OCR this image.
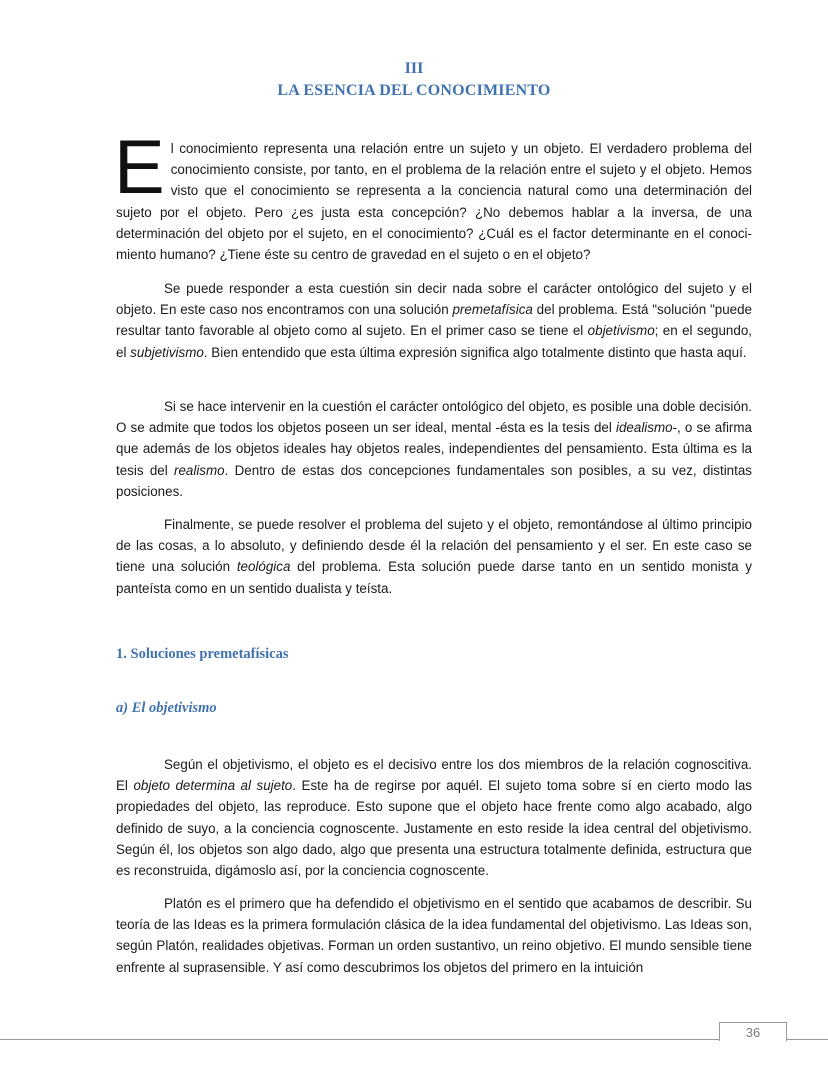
III
LA ESENCIA DEL CONOCIMIENTO
E l conocimiento representa una relación entre un sujeto y un objeto. El verdadero problema del conocimiento consiste, por tanto, en el problema de la relación entre el sujeto y el objeto. Hemos visto que el conocimiento se representa a la conciencia natural como una determinación del sujeto por el objeto. Pero ¿es justa esta concepción? ¿No debemos hablar a la inversa, de una determinación del objeto por el sujeto, en el conocimiento? ¿Cuál es el factor determinante en el conocimiento humano? ¿Tiene éste su centro de gravedad en el sujeto o en el objeto?

Se puede responder a esta cuestión sin decir nada sobre el carácter ontológico del sujeto y el objeto. En este caso nos encontramos con una solución premetafísica del problema. Está "solución "puede resultar tanto favorable al objeto como al sujeto. En el primer caso se tiene el objetivismo; en el segundo, el subjetivismo. Bien entendido que esta última expresión significa algo totalmente distinto que hasta aquí.

Si se hace intervenir en la cuestión el carácter ontológico del objeto, es posible una doble decisión. O se admite que todos los objetos poseen un ser ideal, mental -ésta es la tesis del idealismo-, o se afirma que además de los objetos ideales hay objetos reales, independientes del pensamiento. Esta última es la tesis del realismo. Dentro de estas dos concepciones fundamentales son posibles, a su vez, distintas posiciones.

Finalmente, se puede resolver el problema del sujeto y el objeto, remontándose al último principio de las cosas, a lo absoluto, y definiendo desde él la relación del pensamiento y el ser. En este caso se tiene una solución teológica del problema. Esta solución puede darse tanto en un sentido monista y panteísta como en un sentido dualista y teísta.

1. Soluciones premetafísicas
a) El objetivismo

Según el objetivismo, el objeto es el decisivo entre los dos miembros de la relación cognoscitiva. El objeto determina al sujeto. Este ha de regirse por aquél. El sujeto toma sobre sí en cierto modo las propiedades del objeto, las reproduce. Esto supone que el objeto hace frente como algo acabado, algo definido de suyo, a la conciencia cognoscente. Justamente en esto reside la idea central del objetivismo. Según él, los objetos son algo dado, algo que presenta una estructura totalmente definida, estructura que es reconstruida, digámoslo así, por la conciencia cognoscente.

Platón es el primero que ha defendido el objetivismo en el sentido que acabamos de describir. Su teoría de las Ideas es la primera formulación clásica de la idea fundamental del objetivismo. Las Ideas son, según Platón, realidades objetivas. Forman un orden sustantivo, un reino objetivo. El mundo sensible tiene enfrente al suprasensible. Y así como descubrimos los objetos del primero en la intuición

36
